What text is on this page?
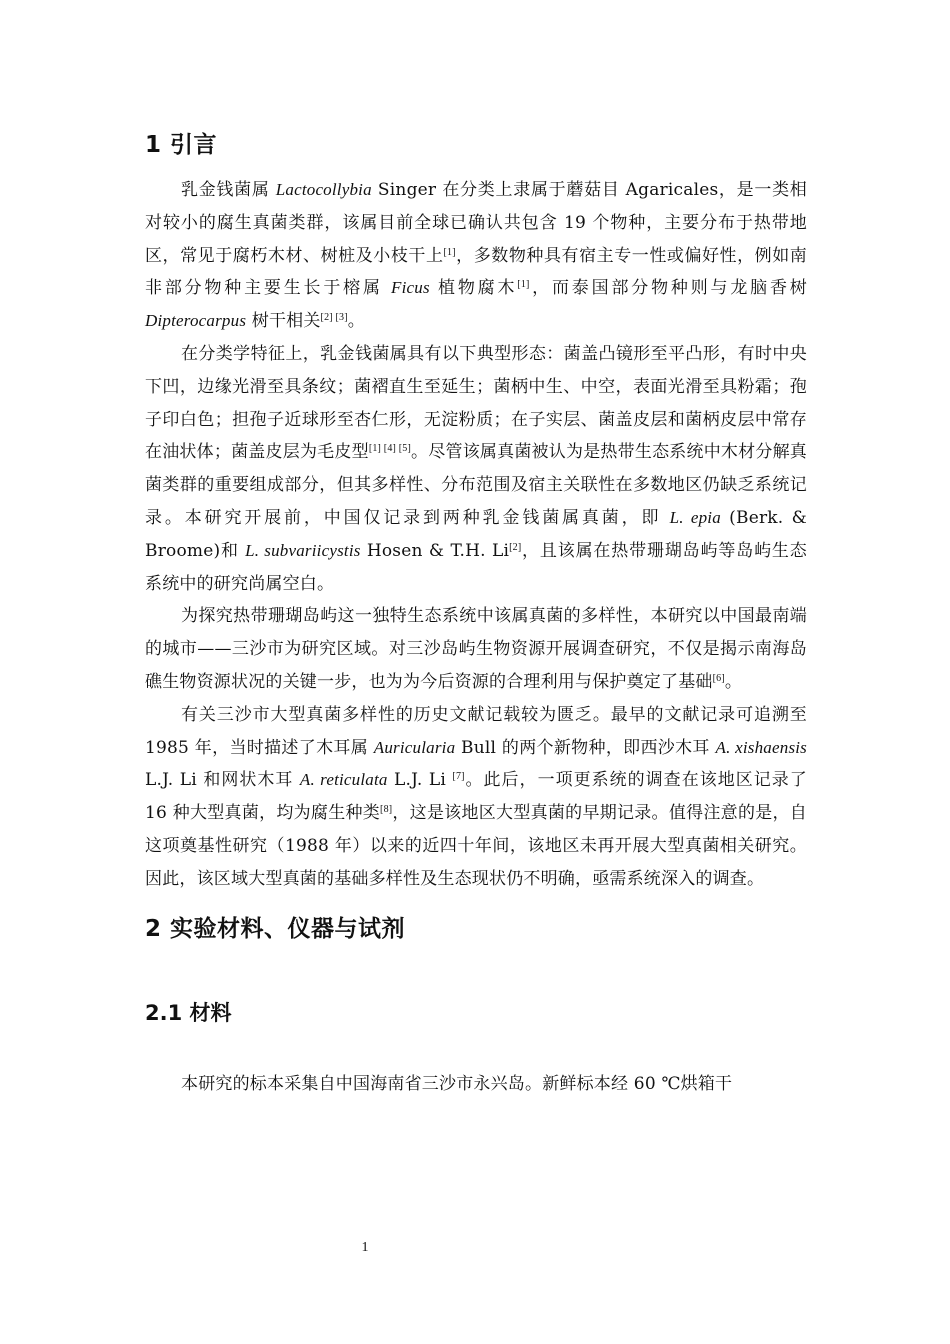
1 引言

乳金钱菌属 Lactocollybia Singer 在分类上隶属于蘑菇目 Agaricales，是一类相对较小的腐生真菌类群，该属目前全球已确认共包含 19 个物种，主要分布于热带地区，常见于腐朽木材、树桩及小枝干上[1]，多数物种具有宿主专一性或偏好性，例如南非部分物种主要生长于榕属 Ficus 植物腐木[1]，而泰国部分物种则与龙脑香树 Dipterocarpus 树干相关[2] [3]。

在分类学特征上，乳金钱菌属具有以下典型形态：菌盖凸镜形至平凸形，有时中央下凹，边缘光滑至具条纹；菌褶直生至延生；菌柄中生、中空，表面光滑至具粉霜；孢子印白色；担孢子近球形至杏仁形，无淀粉质；在子实层、菌盖皮层和菌柄皮层中常存在油状体；菌盖皮层为毛皮型[1] [4] [5]。尽管该属真菌被认为是热带生态系统中木材分解真菌类群的重要组成部分，但其多样性、分布范围及宿主关联性在多数地区仍缺乏系统记录。本研究开展前，中国仅记录到两种乳金钱菌属真菌，即 L. epia (Berk. & Broome)和 L. subvariicystis Hosen & T.H. Li[2]，且该属在热带珊瑚岛屿等岛屿生态系统中的研究尚属空白。

为探究热带珊瑚岛屿这一独特生态系统中该属真菌的多样性，本研究以中国最南端的城市——三沙市为研究区域。对三沙岛屿生物资源开展调查研究，不仅是揭示南海岛礁生物资源状况的关键一步，也为为今后资源的合理利用与保护奠定了基础[6]。

有关三沙市大型真菌多样性的历史文献记载较为匮乏。最早的文献记录可追溯至 1985 年，当时描述了木耳属 Auricularia Bull 的两个新物种，即西沙木耳 A. xishaensis L.J. Li 和网状木耳 A. reticulata L.J. Li [7]。此后，一项更系统的调查在该地区记录了 16 种大型真菌，均为腐生种类[8]，这是该地区大型真菌的早期记录。值得注意的是，自这项奠基性研究（1988 年）以来的近四十年间，该地区未再开展大型真菌相关研究。因此，该区域大型真菌的基础多样性及生态现状仍不明确，亟需系统深入的调查。

2 实验材料、仪器与试剂
2.1 材料

本研究的标本采集自中国海南省三沙市永兴岛。新鲜标本经 60 ℃烘箱干

1
